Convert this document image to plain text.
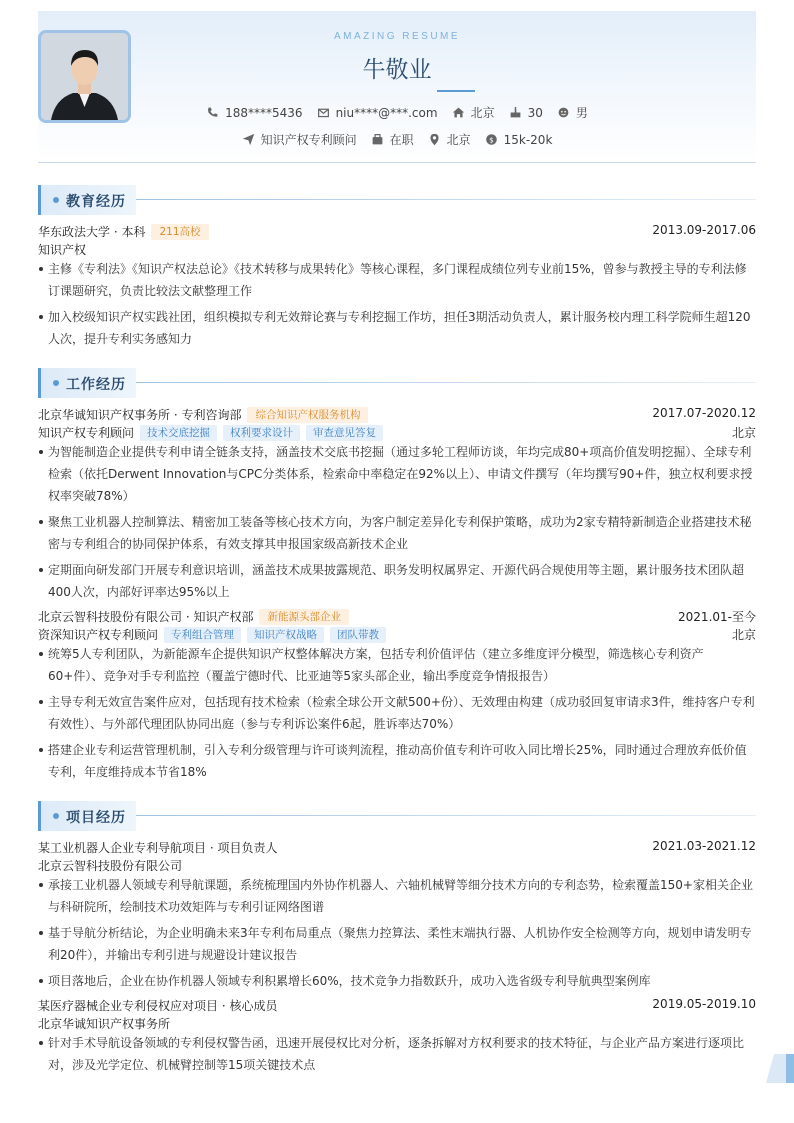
AMAZING RESUME
牛敬业
188****5436	niu****@***.com	北京	30	男
知识产权专利顾问	在职	北京 $ 15k-20k
教育经历
华东政法大学 · 本科	211高校	2013.09-2017.06
知识产权
主修《专利法》《知识产权法总论》《技术转移与成果转化》等核心课程，多门课程成绩位列专业前15%，曾参与教授主导的专利法修订课题研究，负责比较法文献整理工作
加入校级知识产权实践社团，组织模拟专利无效辩论赛与专利挖掘工作坊，担任3期活动负责人，累计服务校内理工科学院师生超120人次，提升专利实务感知力
工作经历
北京华诚知识产权事务所 · 专利咨询部	综合知识产权服务机构	2017.07-2020.12
知识产权专利顾问	技术交底挖掘	权利要求设计	审查意见答复	北京
为智能制造企业提供专利申请全链条支持，涵盖技术交底书挖掘（通过多轮工程师访谈，年均完成80+项高价值发明挖掘）、全球专利检索（依托Derwent Innovation与CPC分类体系，检索命中率稳定在92%以上）、申请文件撰写（年均撰写90+件，独立权利要求授权率突破78%）
聚焦工业机器人控制算法、精密加工装备等核心技术方向，为客户制定差异化专利保护策略，成功为2家专精特新制造企业搭建技术秘密与专利组合的协同保护体系，有效支撑其申报国家级高新技术企业
定期面向研发部门开展专利意识培训，涵盖技术成果披露规范、职务发明权属界定、开源代码合规使用等主题，累计服务技术团队超400人次，内部好评率达95%以上
北京云智科技股份有限公司 · 知识产权部	新能源头部企业	2021.01-至今
资深知识产权专利顾问	专利组合管理	知识产权战略	团队带教	北京
统筹5人专利团队，为新能源车企提供知识产权整体解决方案，包括专利价值评估（建立多维度评分模型，筛选核心专利资产60+件）、竞争对手专利监控（覆盖宁德时代、比亚迪等5家头部企业，输出季度竞争情报报告）
主导专利无效宣告案件应对，包括现有技术检索（检索全球公开文献500+份）、无效理由构建（成功驳回复审请求3件，维持客户专利有效性）、与外部代理团队协同出庭（参与专利诉讼案件6起，胜诉率达70%）
搭建企业专利运营管理机制，引入专利分级管理与许可谈判流程，推动高价值专利许可收入同比增长25%，同时通过合理放弃低价值专利，年度维持成本节省18%
项目经历
某工业机器人企业专利导航项目 · 项目负责人	2021.03-2021.12
北京云智科技股份有限公司
承接工业机器人领域专利导航课题，系统梳理国内外协作机器人、六轴机械臂等细分技术方向的专利态势，检索覆盖150+家相关企业与科研院所，绘制技术功效矩阵与专利引证网络图谱
基于导航分析结论，为企业明确未来3年专利布局重点（聚焦力控算法、柔性末端执行器、人机协作安全检测等方向，规划申请发明专利20件），并输出专利引进与规避设计建议报告
项目落地后，企业在协作机器人领域专利积累增长60%，技术竞争力指数跃升，成功入选省级专利导航典型案例库
某医疗器械企业专利侵权应对项目 · 核心成员	2019.05-2019.10
北京华诚知识产权事务所
针对手术导航设备领域的专利侵权警告函，迅速开展侵权比对分析，逐条拆解对方权利要求的技术特征，与企业产品方案进行逐项比对，涉及光学定位、机械臂控制等15项关键技术点
